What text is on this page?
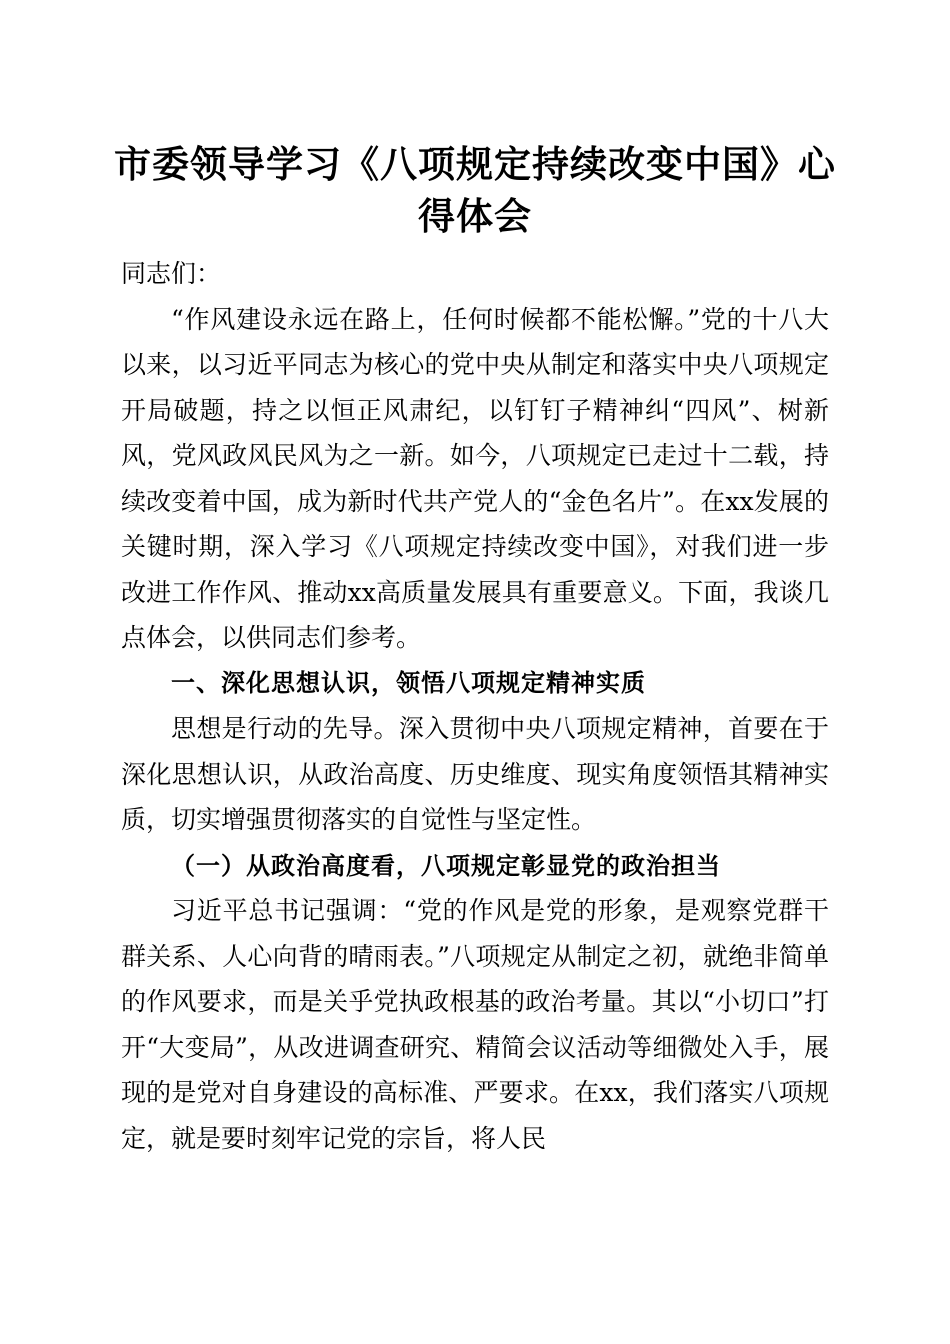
市委领导学习《八项规定持续改变中国》心得体会

同志们：

“作风建设永远在路上，任何时候都不能松懈。”党的十八大以来，以习近平同志为核心的党中央从制定和落实中央八项规定开局破题，持之以恒正风肃纪，以钉钉子精神纠“四风”、树新风，党风政风民风为之一新。如今，八项规定已走过十二载，持续改变着中国，成为新时代共产党人的“金色名片”。在xx发展的关键时期，深入学习《八项规定持续改变中国》，对我们进一步改进工作作风、推动xx高质量发展具有重要意义。下面，我谈几点体会，以供同志们参考。

一、深化思想认识，领悟八项规定精神实质

思想是行动的先导。深入贯彻中央八项规定精神，首要在于深化思想认识，从政治高度、历史维度、现实角度领悟其精神实质，切实增强贯彻落实的自觉性与坚定性。

（一）从政治高度看，八项规定彰显党的政治担当

习近平总书记强调：“党的作风是党的形象，是观察党群干群关系、人心向背的晴雨表。”八项规定从制定之初，就绝非简单的作风要求，而是关乎党执政根基的政治考量。其以“小切口”打开“大变局”，从改进调查研究、精简会议活动等细微处入手，展现的是党对自身建设的高标准、严要求。在xx，我们落实八项规定，就是要时刻牢记党的宗旨，将人民
